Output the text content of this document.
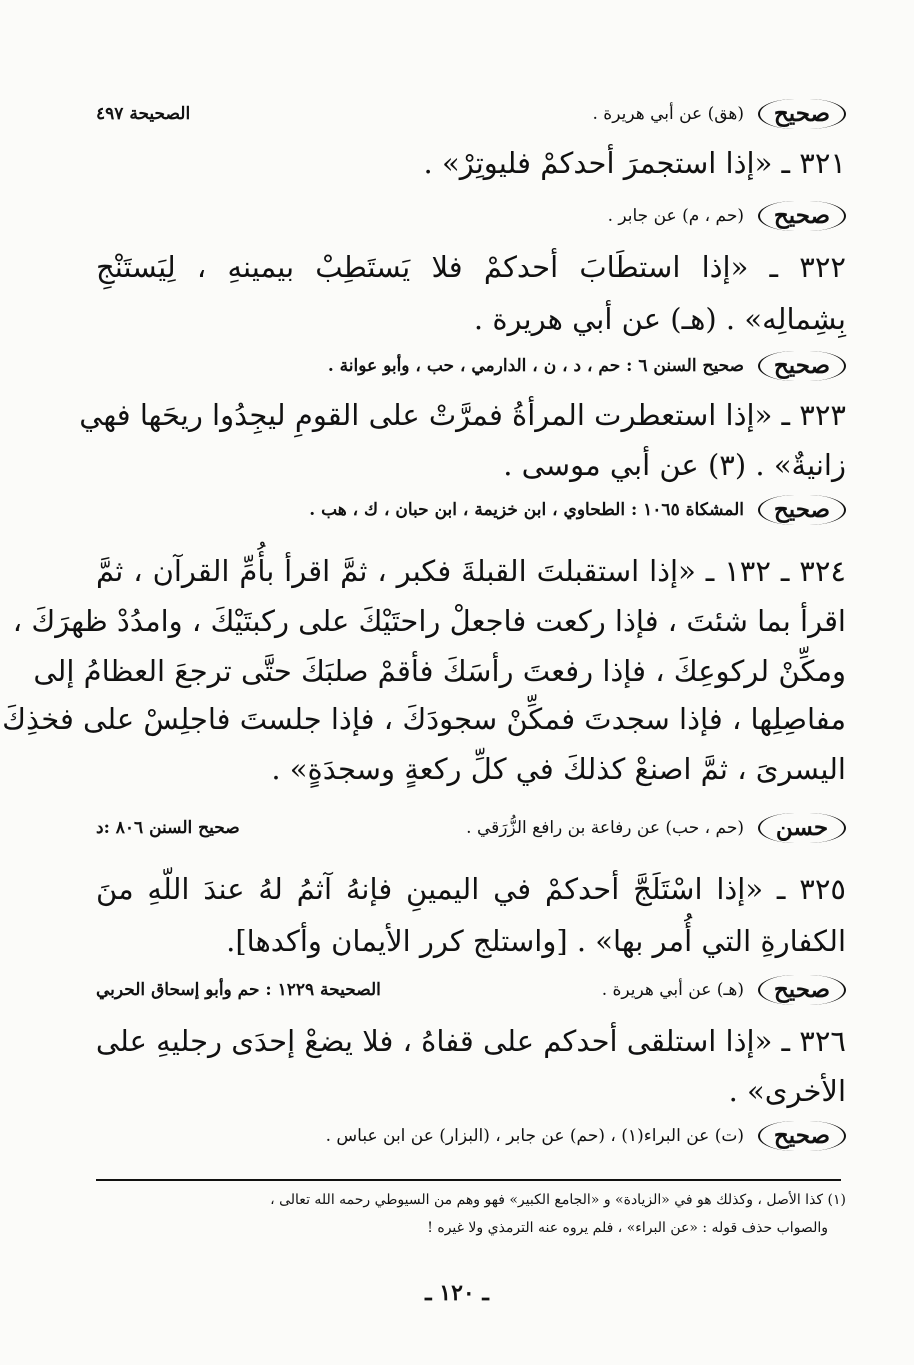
صحيح
(هق) عن أبي هريرة .
الصحيحة ٤٩٧
٣٢١ ـ «إذا استجمرَ أحدكمْ فليوتِرْ» .
صحيح
(حم ، م) عن جابر .
٣٢٢ ـ «إذا استطَابَ أحدكمْ فلا يَستَطِبْ بيمينهِ ، لِيَستَنْجِ
بِشِمالِه» . (هـ) عن أبي هريرة .
صحيح
صحيح السنن ٦ : حم ، د ، ن ، الدارمي ، حب ، وأبو عوانة .
٣٢٣ ـ «إذا استعطرت المرأةُ فمرَّتْ على القومِ ليجِدُوا ريحَها فهي
زانيةٌ» . (٣) عن أبي موسى .
صحيح
المشكاة ١٠٦٥ : الطحاوي ، ابن خزيمة ، ابن حبان ، ك ، هب .
٣٢٤ ـ ١٣٢ ـ «إذا استقبلتَ القبلةَ فكبر ، ثمَّ اقرأ بأُمِّ القرآن ، ثمَّ
اقرأ بما شئتَ ، فإذا ركعت فاجعلْ راحتَيْكَ على ركبتَيْكَ ، وامدُدْ ظهرَكَ ،
ومكِّنْ لركوعِكَ ، فإذا رفعتَ رأسَكَ فأقمْ صلبَكَ حتَّى ترجعَ العظامُ إلى
مفاصِلِها ، فإذا سجدتَ فمكِّنْ سجودَكَ ، فإذا جلستَ فاجلِسْ على فخذِكَ
اليسرىَ ، ثمَّ اصنعْ كذلكَ في كلِّ ركعةٍ وسجدَةٍ» .
حسن
(حم ، حب) عن رفاعة بن رافع الزُّرَقي .
صحيح السنن ٨٠٦ :د
٣٢٥ ـ «إذا اسْتَلَجَّ أحدكمْ في اليمينِ فإنهُ آثمُ لهُ عندَ اللّهِ منَ
الكفارةِ التي أُمر بها» . [واستلج كرر الأيمان وأكدها].
صحيح
(هـ) عن أبي هريرة .
الصحيحة ١٢٢٩ : حم وأبو إسحاق الحربي
٣٢٦ ـ «إذا استلقى أحدكم على قفاهُ ، فلا يضعْ إحدَى رجليهِ على
الأخرى» .
صحيح
(ت) عن البراء(١) ، (حم) عن جابر ، (البزار) عن ابن عباس .
(١) كذا الأصل ، وكذلك هو في «الزيادة» و «الجامع الكبير» فهو وهم من السيوطي رحمه الله تعالى ،
والصواب حذف قوله : «عن البراء» ، فلم يروه عنه الترمذي ولا غيره !
ـ ١٢٠ ـ
